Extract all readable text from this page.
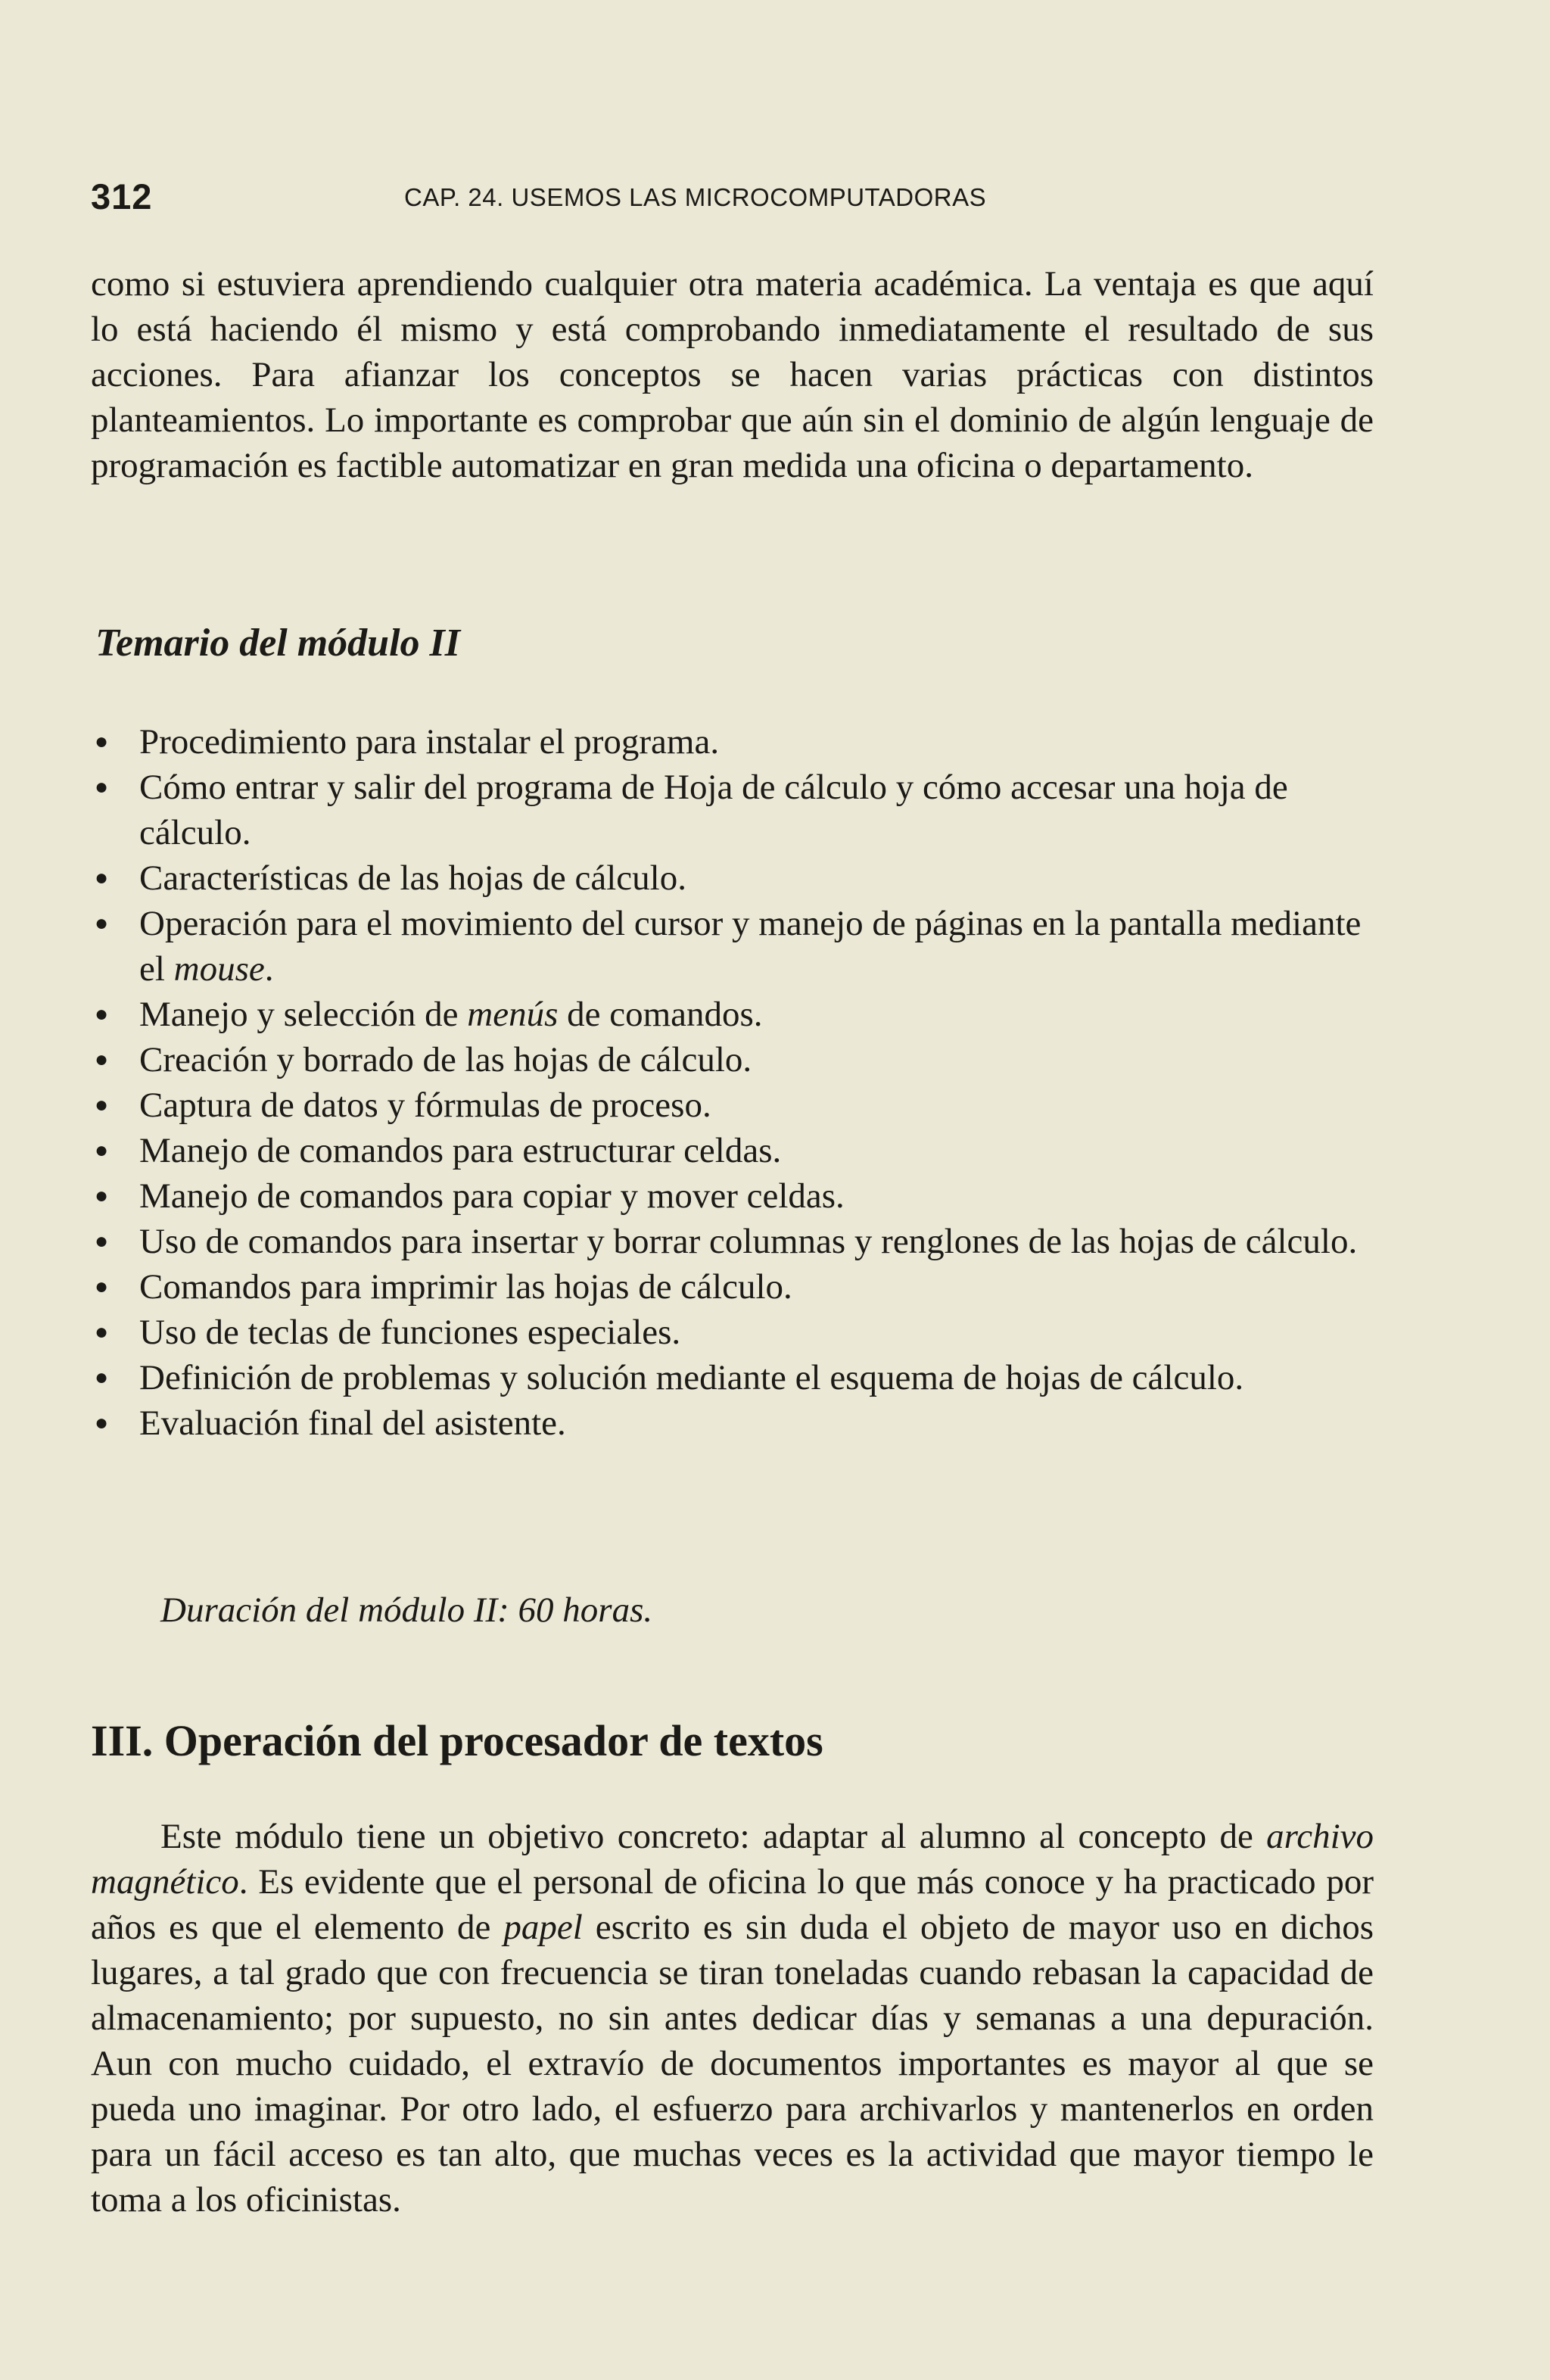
312	CAP. 24. USEMOS LAS MICROCOMPUTADORAS

como si estuviera aprendiendo cualquier otra materia académica. La ventaja es que aquí lo está haciendo él mismo y está comprobando inmediatamente el resultado de sus acciones. Para afianzar los conceptos se hacen varias prácticas con distintos planteamientos. Lo importante es comprobar que aún sin el dominio de algún lenguaje de programación es factible automatizar en gran medida una oficina o departamento.

Temario del módulo II
● Procedimiento para instalar el programa.
● Cómo entrar y salir del programa de Hoja de cálculo y cómo accesar una hoja de cálculo.
● Características de las hojas de cálculo.
● Operación para el movimiento del cursor y manejo de páginas en la pantalla mediante el mouse.
● Manejo y selección de menús de comandos.
● Creación y borrado de las hojas de cálculo.
● Captura de datos y fórmulas de proceso.
● Manejo de comandos para estructurar celdas.
● Manejo de comandos para copiar y mover celdas.
● Uso de comandos para insertar y borrar columnas y renglones de las hojas de cálculo.
● Comandos para imprimir las hojas de cálculo.
● Uso de teclas de funciones especiales.
● Definición de problemas y solución mediante el esquema de hojas de cálculo.
● Evaluación final del asistente.
Duración del módulo II: 60 horas.
III. Operación del procesador de textos

Este módulo tiene un objetivo concreto: adaptar al alumno al concepto de archivo magnético. Es evidente que el personal de oficina lo que más conoce y ha practicado por años es que el elemento de papel escrito es sin duda el objeto de mayor uso en dichos lugares, a tal grado que con frecuencia se tiran toneladas cuando rebasan la capacidad de almacenamiento; por supuesto, no sin antes dedicar días y semanas a una depuración. Aun con mucho cuidado, el extravío de documentos importantes es mayor al que se pueda uno imaginar. Por otro lado, el esfuerzo para archivarlos y mantenerlos en orden para un fácil acceso es tan alto, que muchas veces es la actividad que mayor tiempo le toma a los oficinistas.
